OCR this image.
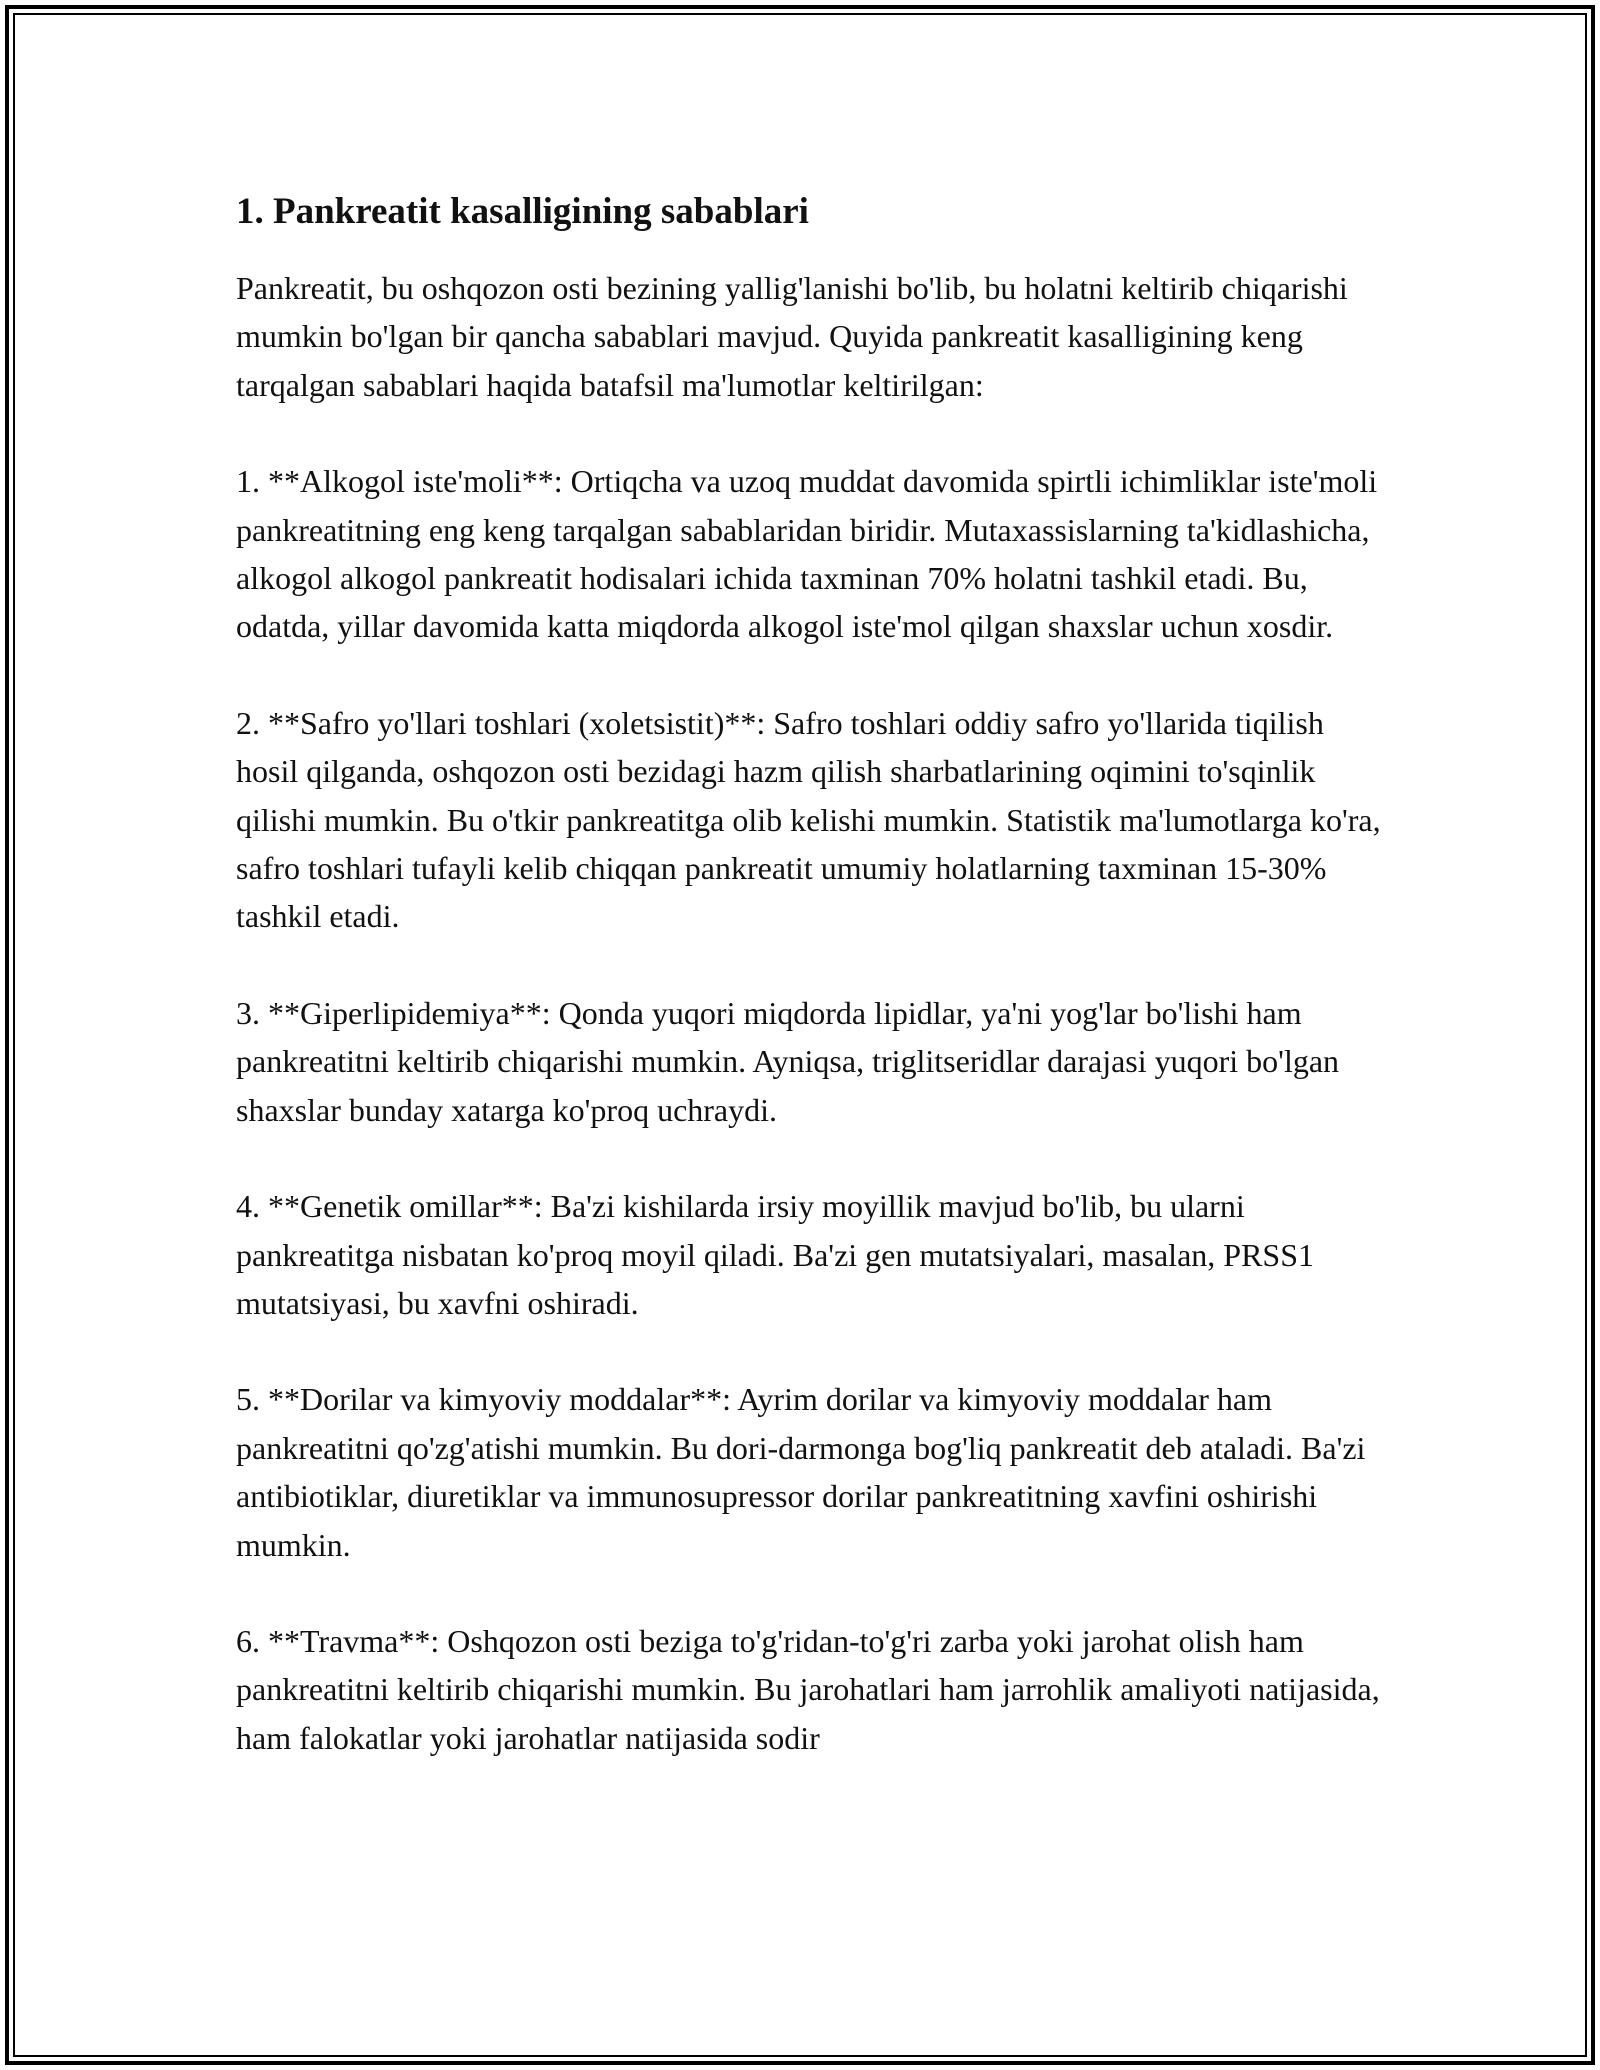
1. Pankreatit kasalligining sabablari

Pankreatit, bu oshqozon osti bezining yallig'lanishi bo'lib, bu holatni keltirib chiqarishi mumkin bo'lgan bir qancha sabablari mavjud. Quyida pankreatit kasalligining keng tarqalgan sabablari haqida batafsil ma'lumotlar keltirilgan:

1. **Alkogol iste'moli**: Ortiqcha va uzoq muddat davomida spirtli ichimliklar iste'moli pankreatitning eng keng tarqalgan sabablaridan biridir. Mutaxassislarning ta'kidlashicha, alkogol alkogol pankreatit hodisalari ichida taxminan 70% holatni tashkil etadi. Bu, odatda, yillar davomida katta miqdorda alkogol iste'mol qilgan shaxslar uchun xosdir.

2. **Safro yo'llari toshlari (xoletsistit)**: Safro toshlari oddiy safro yo'llarida tiqilish hosil qilganda, oshqozon osti bezidagi hazm qilish sharbatlarining oqimini to'sqinlik qilishi mumkin. Bu o'tkir pankreatitga olib kelishi mumkin. Statistik ma'lumotlarga ko'ra, safro toshlari tufayli kelib chiqqan pankreatit umumiy holatlarning taxminan 15-30% tashkil etadi.

3. **Giperlipidemiya**: Qonda yuqori miqdorda lipidlar, ya'ni yog'lar bo'lishi ham pankreatitni keltirib chiqarishi mumkin. Ayniqsa, triglitseridlar darajasi yuqori bo'lgan shaxslar bunday xatarga ko'proq uchraydi.

4. **Genetik omillar**: Ba'zi kishilarda irsiy moyillik mavjud bo'lib, bu ularni pankreatitga nisbatan ko'proq moyil qiladi. Ba'zi gen mutatsiyalari, masalan, PRSS1 mutatsiyasi, bu xavfni oshiradi.

5. **Dorilar va kimyoviy moddalar**: Ayrim dorilar va kimyoviy moddalar ham pankreatitni qo'zg'atishi mumkin. Bu dori-darmonga bog'liq pankreatit deb ataladi. Ba'zi antibiotiklar, diuretiklar va immunosupressor dorilar pankreatitning xavfini oshirishi mumkin.

6. **Travma**: Oshqozon osti beziga to'g'ridan-to'g'ri zarba yoki jarohat olish ham pankreatitni keltirib chiqarishi mumkin. Bu jarohatlari ham jarrohlik amaliyoti natijasida, ham falokatlar yoki jarohatlar natijasida sodir
